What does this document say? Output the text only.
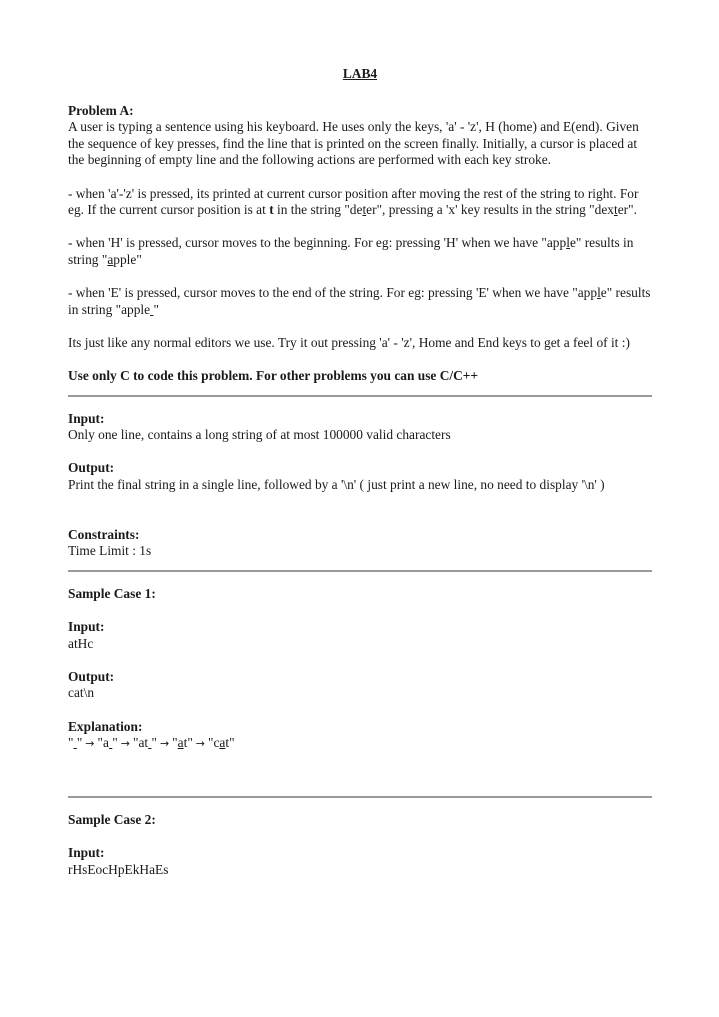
LAB4

Problem A:

A user is typing a sentence using his keyboard. He uses only the keys, 'a' - 'z', H (home) and E(end). Given the sequence of key presses, find the line that is printed on the screen finally. Initially, a cursor is placed at the beginning of empty line and the following actions are performed with each key stroke.

- when 'a'-'z' is pressed, its printed at current cursor position after moving the rest of the string to right. For eg. If the current cursor position is at t in the string "deter", pressing a 'x' key results in the string "dexter".

- when 'H' is pressed, cursor moves to the beginning. For eg: pressing 'H' when we have "apple" results in string "apple"

- when 'E' is pressed, cursor moves to the end of the string. For eg: pressing 'E' when we have "apple" results in string "apple "

Its just like any normal editors we use. Try it out pressing 'a' - 'z', Home and End keys to get a feel of it :)

Use only C to code this problem. For other problems you can use C/C++

Input:

Only one line, contains a long string of at most 100000 valid characters

Output:

Print the final string in a single line, followed by a '\n' ( just print a new line, no need to display '\n' )

Constraints:

Time Limit : 1s

Sample Case 1:

Input:

atHc

Output:

cat\n

Explanation:

" " → "a " → "at " → "at" → "cat"

Sample Case 2:

Input:

rHsEocHpEkHaEs
